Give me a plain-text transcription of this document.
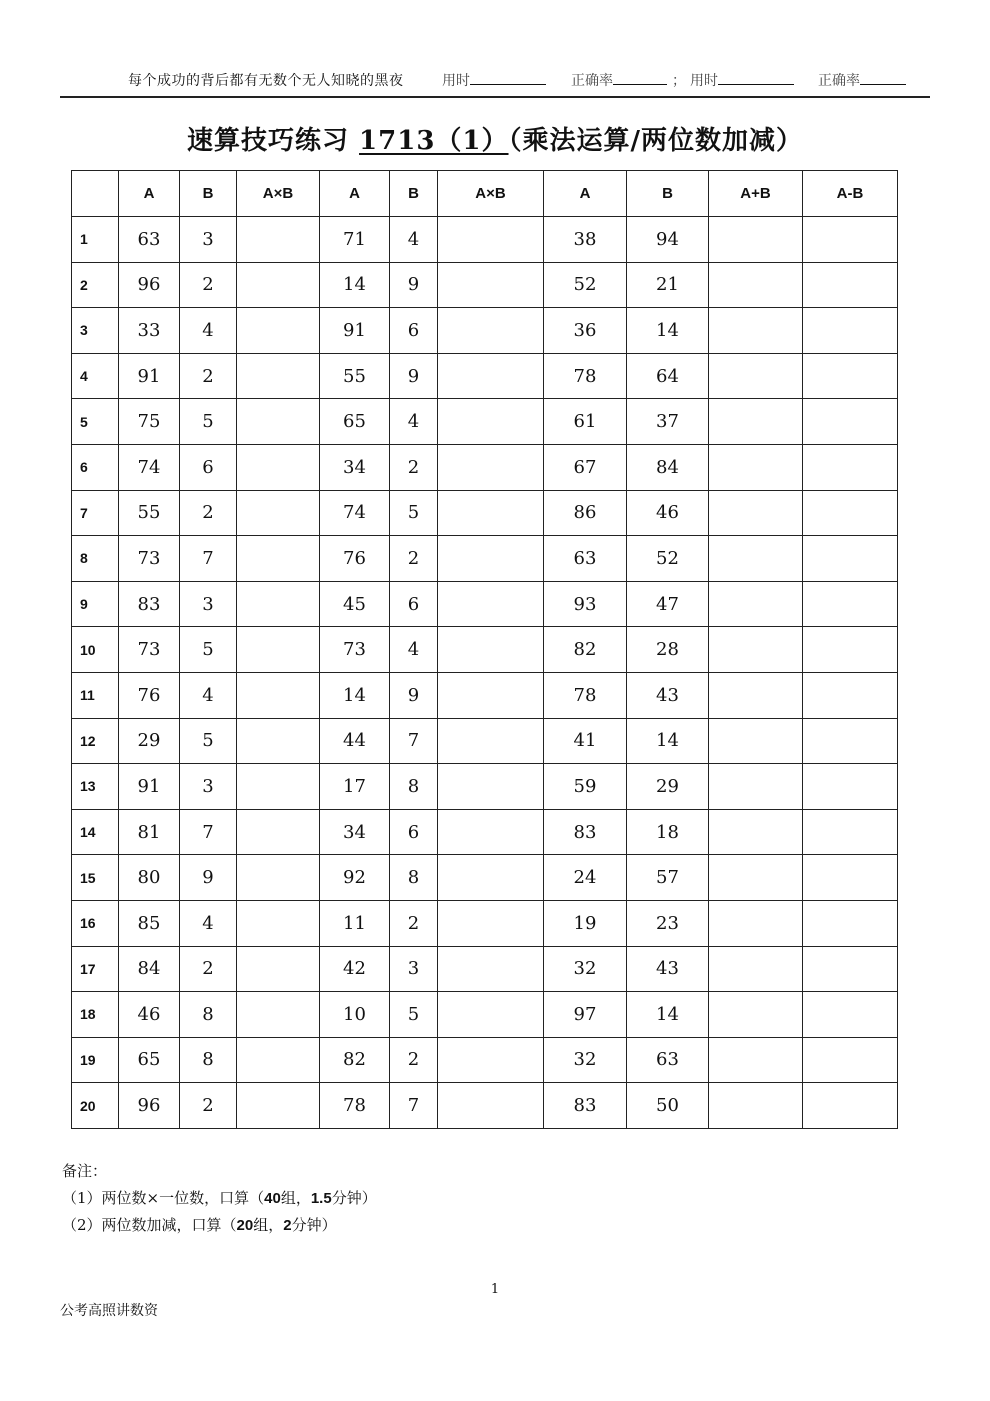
每个成功的背后都有无数个无人知晓的黑夜	用时	正确率	； 用时	正确率
速算技巧练习 1713（1）（乘法运算/两位数加减）
	A	B	A×B	A	B	A×B	A	B	A+B	A-B
1	63	3		71	4		38	94		
2	96	2		14	9		52	21		
3	33	4		91	6		36	14		
4	91	2		55	9		78	64		
5	75	5		65	4		61	37		
6	74	6		34	2		67	84		
7	55	2		74	5		86	46		
8	73	7		76	2		63	52		
9	83	3		45	6		93	47		
10	73	5		73	4		82	28		
11	76	4		14	9		78	43		
12	29	5		44	7		41	14		
13	91	3		17	8		59	29		
14	81	7		34	6		83	18		
15	80	9		92	8		24	57		
16	85	4		11	2		19	23		
17	84	2		42	3		32	43		
18	46	8		10	5		97	14		
19	65	8		82	2		32	63		
20	96	2		78	7		83	50		
备注：
（1）两位数×一位数，口算（40组，1.5分钟）
（2）两位数加减，口算（20组，2分钟）
1
公考高照讲数资
